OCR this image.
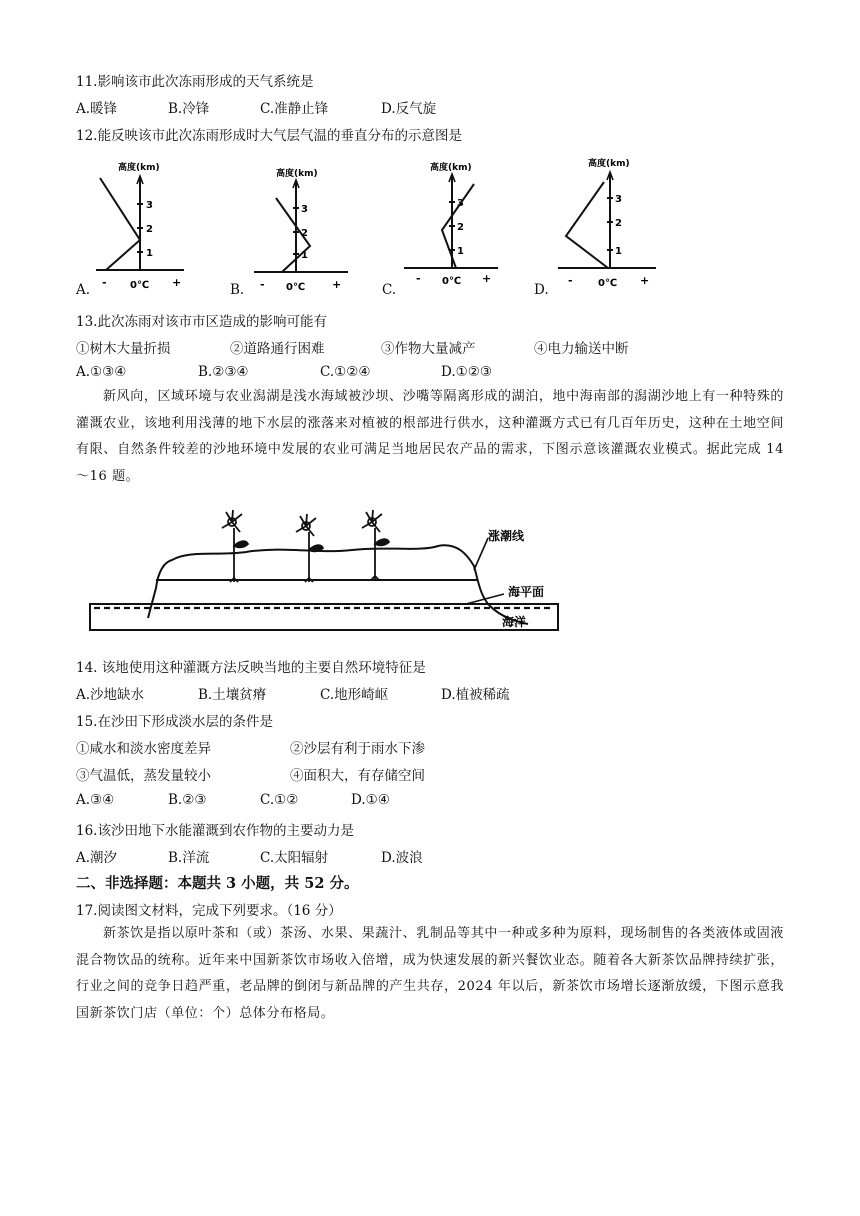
11.影响该市此次冻雨形成的天气系统是
A.暖锋	B.冷锋	C.准静止锋	D.反气旋
12.能反映该市此次冻雨形成时大气层气温的垂直分布的示意图是
A.
高度(km)
3
2
1
- 0℃ +	B.
高度(km)
3
2
1
- 0℃ +	C.
高度(km)
3
2
1
- 0℃ +
D.
高度(km)
3
2
1
-	0℃ +
13.此次冻雨对该市市区造成的影响可能有
①树木大量折损	②道路通行困难	③作物大量减产	④电力输送中断
A.①③④	B.②③④	C.①②④	D.①②③

新风向，区域环境与农业潟湖是浅水海域被沙坝、沙嘴等隔离形成的湖泊，地中海南部的潟湖沙地上有一种特殊的灌溉农业，该地利用浅薄的地下水层的涨落来对植被的根部进行供水，这种灌溉方式已有几百年历史，这种在土地空间有限、自然条件较差的沙地环境中发展的农业可满足当地居民农产品的需求，下图示意该灌溉农业模式。据此完成 14～16 题。

涨潮线
海平面
海洋
14. 该地使用这种灌溉方法反映当地的主要自然环境特征是
A.沙地缺水	B.土壤贫瘠	C.地形崎岖	D.植被稀疏
15.在沙田下形成淡水层的条件是
①咸水和淡水密度差异	②沙层有利于雨水下渗
③气温低，蒸发量较小	④面积大，有存储空间
A.③④	B.②③	C.①②	D.①④
16.该沙田地下水能灌溉到农作物的主要动力是
A.潮汐	B.洋流	C.太阳辐射	D.波浪
二、非选择题：本题共 3 小题，共 52 分。
17.阅读图文材料，完成下列要求。（16 分）

新茶饮是指以原叶茶和（或）茶汤、水果、果蔬汁、乳制品等其中一种或多种为原料，现场制售的各类液体或固液混合物饮品的统称。近年来中国新茶饮市场收入倍增，成为快速发展的新兴餐饮业态。随着各大新茶饮品牌持续扩张，行业之间的竞争日趋严重，老品牌的倒闭与新品牌的产生共存，2024 年以后，新茶饮市场增长逐渐放缓，下图示意我国新茶饮门店（单位：个）总体分布格局。
